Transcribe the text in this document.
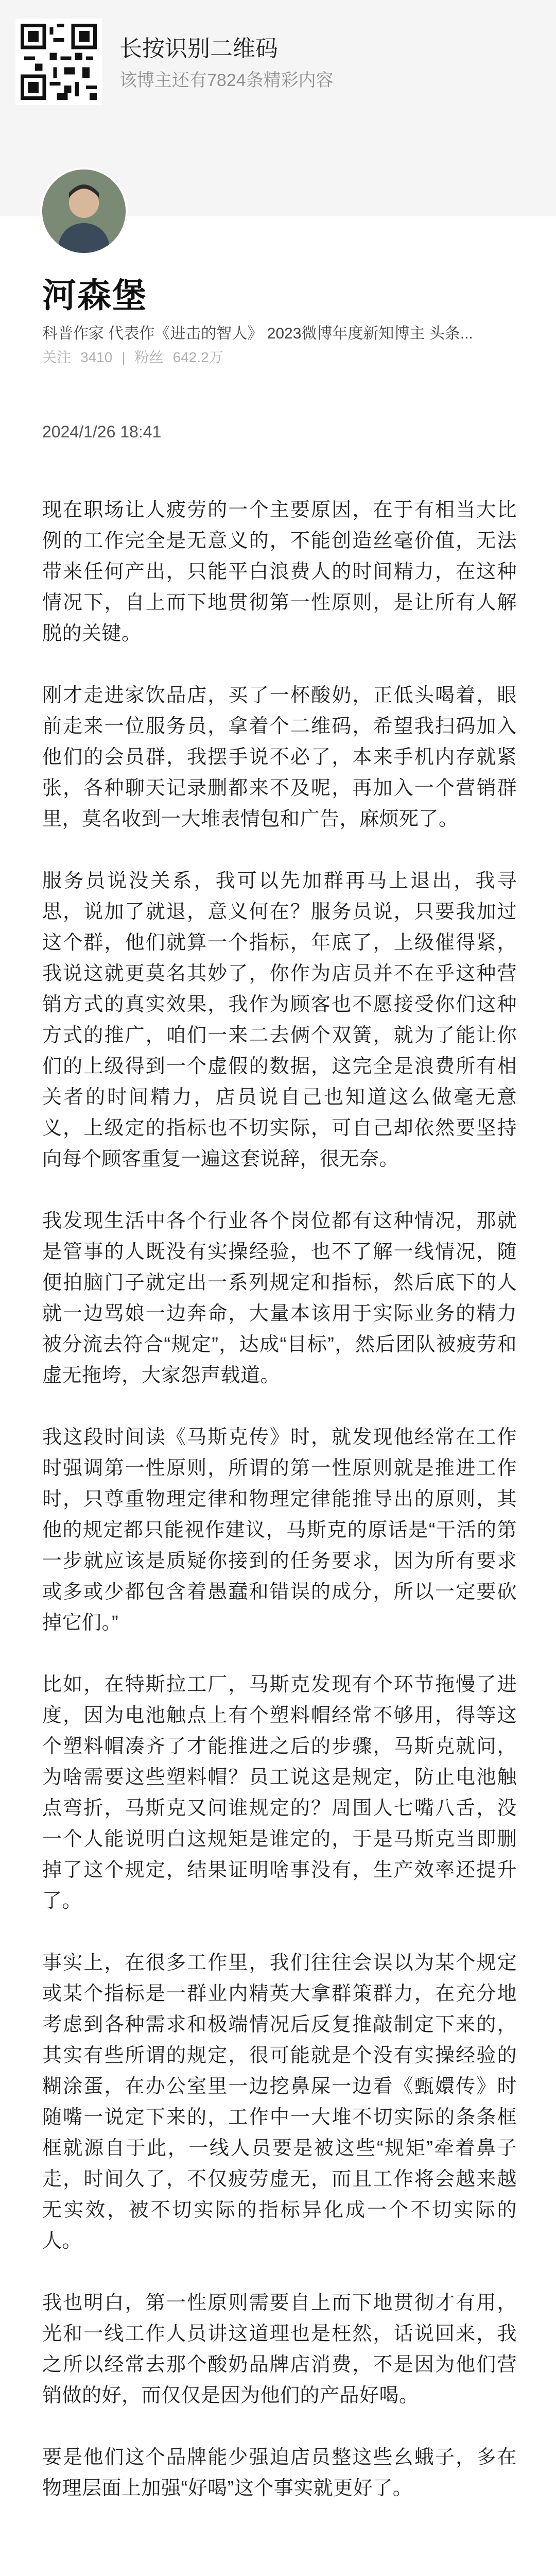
长按识别二维码
该博主还有7824条精彩内容
河森堡
科普作家 代表作《进击的智人》 2023微博年度新知博主 头条...
关注 3410 | 粉丝 642.2万
2024/1/26 18:41

现在职场让人疲劳的一个主要原因，在于有相当大比例的工作完全是无意义的，不能创造丝毫价值，无法带来任何产出，只能平白浪费人的时间精力，在这种情况下，自上而下地贯彻第一性原则，是让所有人解脱的关键。

刚才走进家饮品店，买了一杯酸奶，正低头喝着，眼前走来一位服务员，拿着个二维码，希望我扫码加入他们的会员群，我摆手说不必了，本来手机内存就紧张，各种聊天记录删都来不及呢，再加入一个营销群里，莫名收到一大堆表情包和广告，麻烦死了。

服务员说没关系，我可以先加群再马上退出，我寻思，说加了就退，意义何在？服务员说，只要我加过这个群，他们就算一个指标，年底了，上级催得紧，我说这就更莫名其妙了，你作为店员并不在乎这种营销方式的真实效果，我作为顾客也不愿接受你们这种方式的推广，咱们一来二去俩个双簧，就为了能让你们的上级得到一个虚假的数据，这完全是浪费所有相关者的时间精力，店员说自己也知道这么做毫无意义，上级定的指标也不切实际，可自己却依然要坚持向每个顾客重复一遍这套说辞，很无奈。

我发现生活中各个行业各个岗位都有这种情况，那就是管事的人既没有实操经验，也不了解一线情况，随便拍脑门子就定出一系列规定和指标，然后底下的人就一边骂娘一边奔命，大量本该用于实际业务的精力被分流去符合“规定”，达成“目标”，然后团队被疲劳和虚无拖垮，大家怨声载道。

我这段时间读《马斯克传》时，就发现他经常在工作时强调第一性原则，所谓的第一性原则就是推进工作时，只尊重物理定律和物理定律能推导出的原则，其他的规定都只能视作建议，马斯克的原话是“干活的第一步就应该是质疑你接到的任务要求，因为所有要求或多或少都包含着愚蠢和错误的成分，所以一定要砍掉它们。”

比如，在特斯拉工厂，马斯克发现有个环节拖慢了进度，因为电池触点上有个塑料帽经常不够用，得等这个塑料帽凑齐了才能推进之后的步骤，马斯克就问，为啥需要这些塑料帽？员工说这是规定，防止电池触点弯折，马斯克又问谁规定的？周围人七嘴八舌，没一个人能说明白这规矩是谁定的，于是马斯克当即删掉了这个规定，结果证明啥事没有，生产效率还提升了。

事实上，在很多工作里，我们往往会误以为某个规定或某个指标是一群业内精英大拿群策群力，在充分地考虑到各种需求和极端情况后反复推敲制定下来的，其实有些所谓的规定，很可能就是个没有实操经验的糊涂蛋，在办公室里一边挖鼻屎一边看《甄嬛传》时随嘴一说定下来的，工作中一大堆不切实际的条条框框就源自于此，一线人员要是被这些“规矩”牵着鼻子走，时间久了，不仅疲劳虚无，而且工作将会越来越无实效，被不切实际的指标异化成一个不切实际的人。

我也明白，第一性原则需要自上而下地贯彻才有用，光和一线工作人员讲这道理也是枉然，话说回来，我之所以经常去那个酸奶品牌店消费，不是因为他们营销做的好，而仅仅是因为他们的产品好喝。

要是他们这个品牌能少强迫店员整这些幺蛾子，多在物理层面上加强“好喝”这个事实就更好了。
